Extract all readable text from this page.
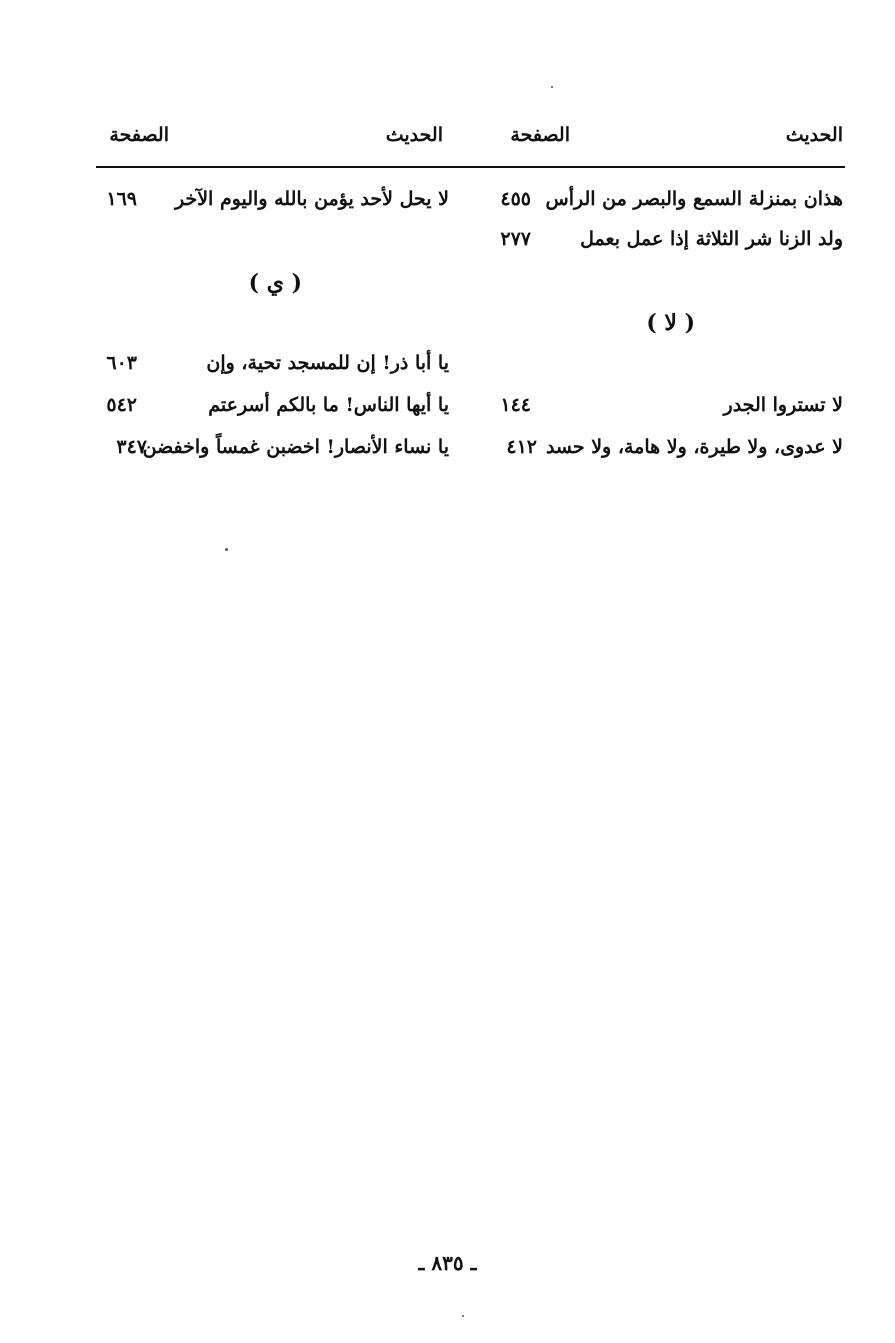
الحديث
الصفحة
الحديث
الصفحة
هذان بمنزلة السمع والبصر من الرأس
٤٥٥
ولد الزنا شر الثلاثة إذا عمل بعمل
٢٧٧
( لا )
لا تستروا الجدر
١٤٤
لا عدوى، ولا طيرة، ولا هامة، ولا حسد
٤١٢
لا يحل لأحد يؤمن بالله واليوم الآخر
١٦٩
( ي )
يا أبا ذر! إن للمسجد تحية، وإن
٦٠٣
يا أيها الناس! ما بالكم أسرعتم
٥٤٢
يا نساء الأنصار! اخضبن غمساً واخفضن
٣٤٧
ـ ٨٣٥ ـ
